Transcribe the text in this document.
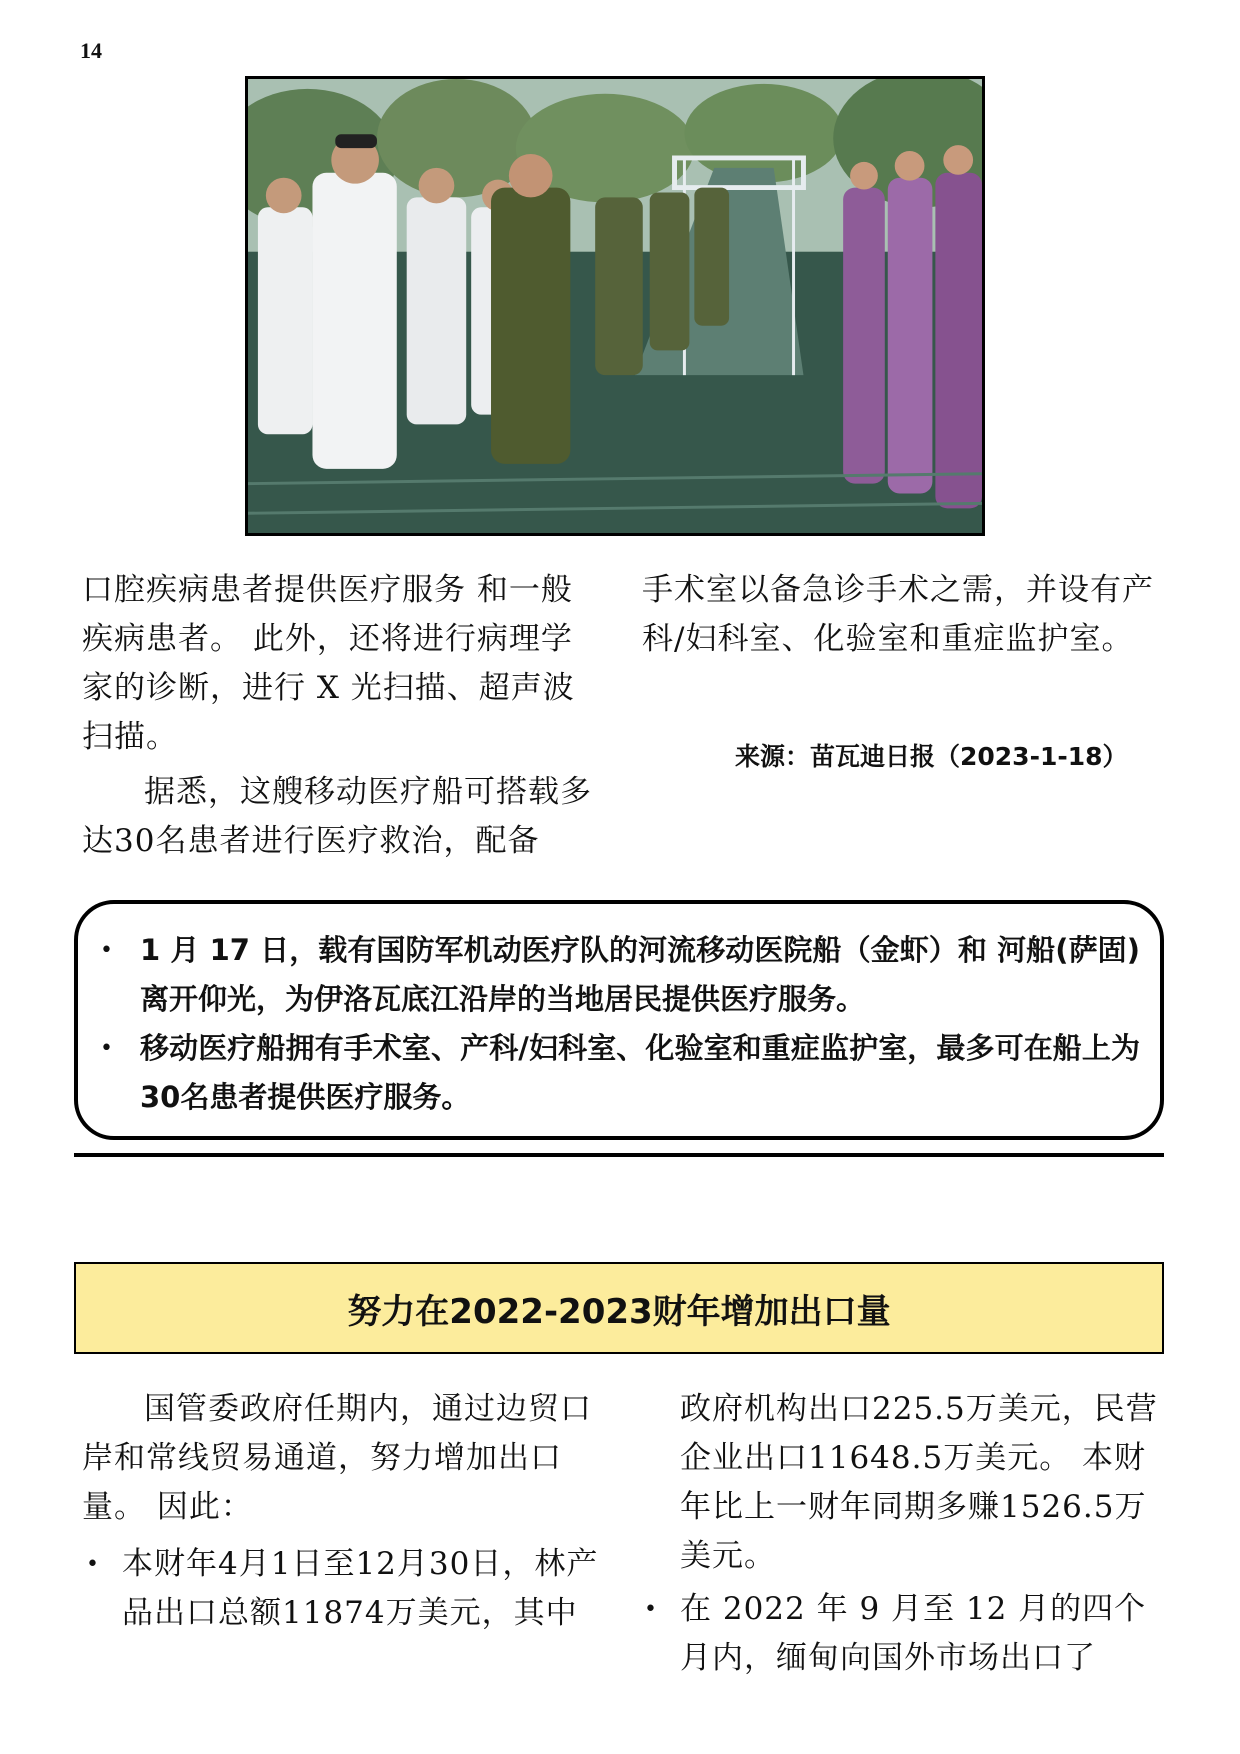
14

口腔疾病患者提供医疗服务 和一般疾病患者。 此外，还将进行病理学家的诊断，进行 X 光扫描、超声波扫描。

据悉，这艘移动医疗船可搭载多达30名患者进行医疗救治，配备

手术室以备急诊手术之需，并设有产科/妇科室、化验室和重症监护室。

来源：苗瓦迪日报（2023-1-18）
• 1 月 17 日，载有国防军机动医疗队的河流移动医院船（金虾）和 河船(萨固)离开仰光，为伊洛瓦底江沿岸的当地居民提供医疗服务。
• 移动医疗船拥有手术室、产科/妇科室、化验室和重症监护室，最多可在船上为30名患者提供医疗服务。
努力在2022-2023财年增加出口量

国管委政府任期内，通过边贸口岸和常线贸易通道，努力增加出口量。 因此：

• 本财年4月1日至12月30日，林产品出口总额11874万美元，其中

政府机构出口225.5万美元，民营企业出口11648.5万美元。 本财年比上一财年同期多赚1526.5万美元。

• 在 2022 年 9 月至 12 月的四个月内，缅甸向国外市场出口了
